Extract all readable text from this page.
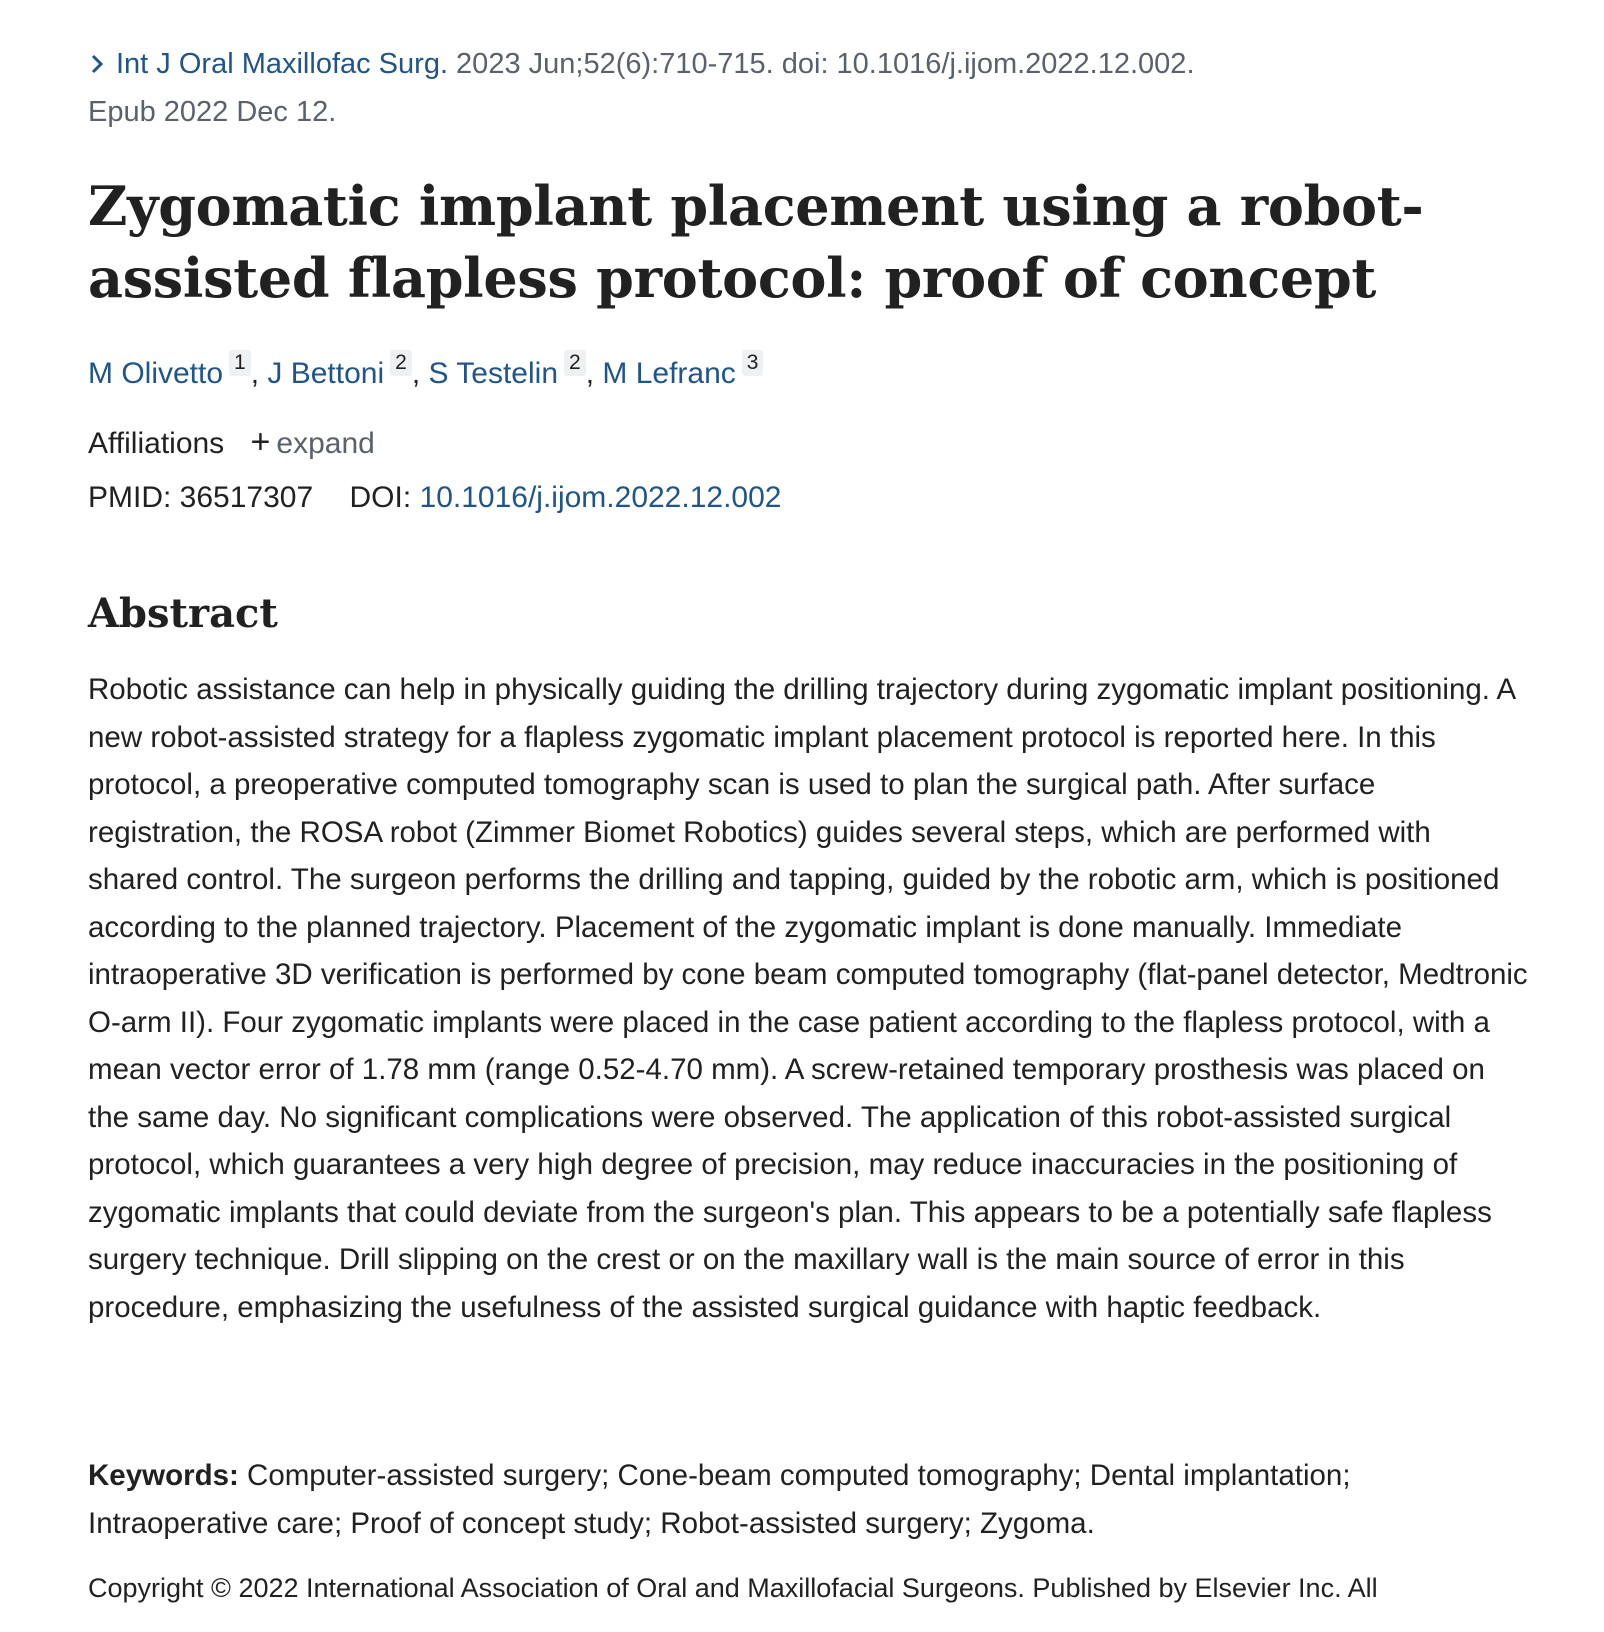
Int J Oral Maxillofac Surg. 2023 Jun;52(6):710-715. doi: 10.1016/j.ijom.2022.12.002.
Epub 2022 Dec 12.
Zygomatic implant placement using a robot-assisted flapless protocol: proof of concept
M Olivetto $^1$ , J Bettoni $^2$ , S Testelin $^2$ , M Lefranc $^3$
Affiliations + expand
PMID: 36517307 DOI: 10.1016/j.ijom.2022.12.002
Abstract

Robotic assistance can help in physically guiding the drilling trajectory during zygomatic implant positioning. A new robot-assisted strategy for a flapless zygomatic implant placement protocol is reported here. In this protocol, a preoperative computed tomography scan is used to plan the surgical path. After surface registration, the ROSA robot (Zimmer Biomet Robotics) guides several steps, which are performed with shared control. The surgeon performs the drilling and tapping, guided by the robotic arm, which is positioned according to the planned trajectory. Placement of the zygomatic implant is done manually. Immediate intraoperative 3D verification is performed by cone beam computed tomography (flat-panel detector, Medtronic O-arm II). Four zygomatic implants were placed in the case patient according to the flapless protocol, with a mean vector error of 1.78 mm (range 0.52-4.70 mm). A screw-retained temporary prosthesis was placed on the same day. No significant complications were observed. The application of this robot-assisted surgical protocol, which guarantees a very high degree of precision, may reduce inaccuracies in the positioning of zygomatic implants that could deviate from the surgeon's plan. This appears to be a potentially safe flapless surgery technique. Drill slipping on the crest or on the maxillary wall is the main source of error in this procedure, emphasizing the usefulness of the assisted surgical guidance with haptic feedback.

Keywords: Computer-assisted surgery; Cone-beam computed tomography; Dental implantation; Intraoperative care; Proof of concept study; Robot-assisted surgery; Zygoma.

Copyright © 2022 International Association of Oral and Maxillofacial Surgeons. Published by Elsevier Inc. All
